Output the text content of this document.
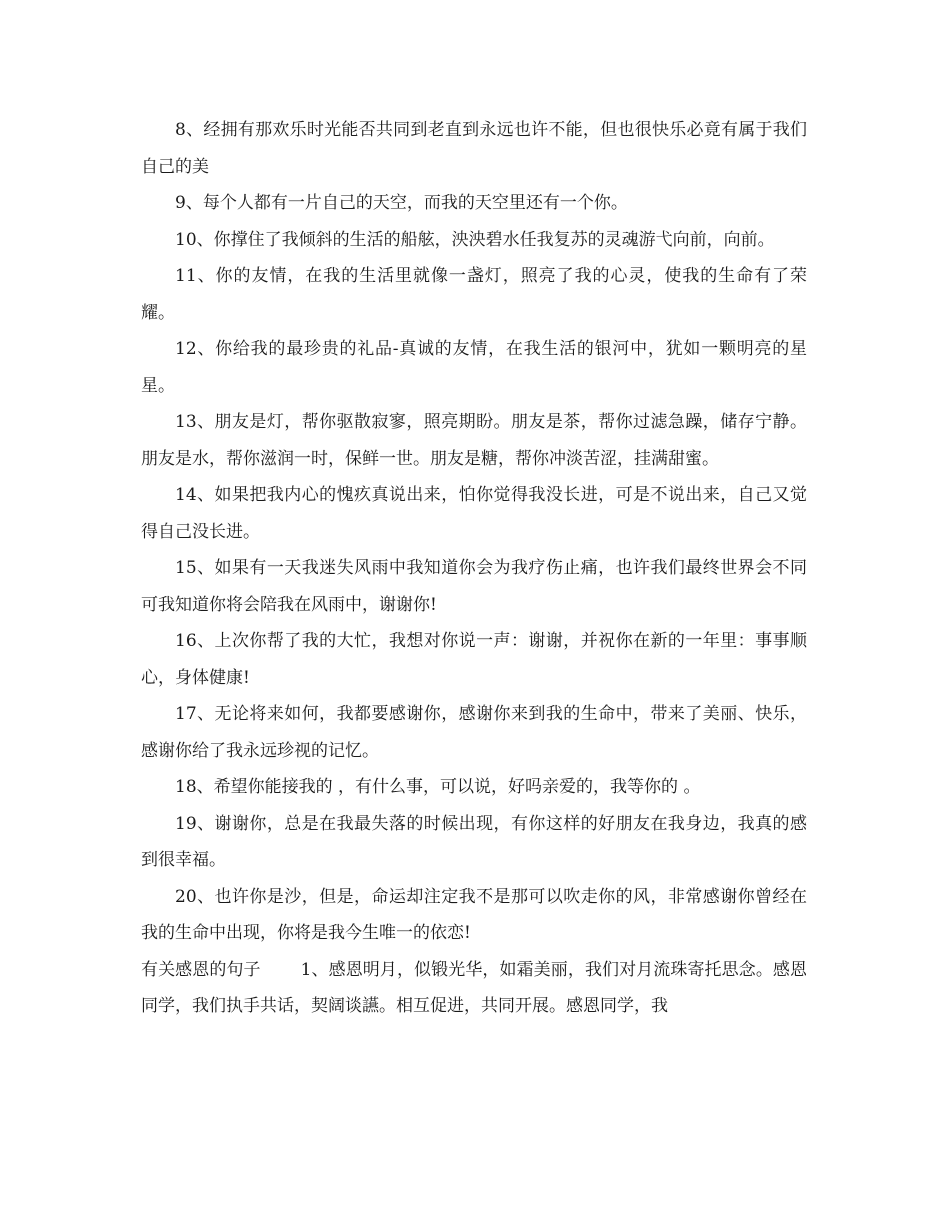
8、经拥有那欢乐时光能否共同到老直到永远也许不能，但也很快乐必竟有属于我们自己的美

9、每个人都有一片自己的天空，而我的天空里还有一个你。

10、你撑住了我倾斜的生活的船舷，泱泱碧水任我复苏的灵魂游弋向前，向前。

11、你的友情，在我的生活里就像一盏灯，照亮了我的心灵，使我的生命有了荣耀。

12、你给我的最珍贵的礼品-真诚的友情，在我生活的银河中，犹如一颗明亮的星星。

13、朋友是灯，帮你驱散寂寥，照亮期盼。朋友是茶，帮你过滤急躁，储存宁静。朋友是水，帮你滋润一时，保鲜一世。朋友是糖，帮你冲淡苦涩，挂满甜蜜。

14、如果把我内心的愧疚真说出来，怕你觉得我没长进，可是不说出来，自己又觉得自己没长进。

15、如果有一天我迷失风雨中我知道你会为我疗伤止痛，也许我们最终世界会不同可我知道你将会陪我在风雨中，谢谢你!

16、上次你帮了我的大忙，我想对你说一声：谢谢，并祝你在新的一年里：事事顺心，身体健康!

17、无论将来如何，我都要感谢你，感谢你来到我的生命中，带来了美丽、快乐，感谢你给了我永远珍视的记忆。

18、希望你能接我的 ，有什么事，可以说，好吗亲爱的，我等你的 。

19、谢谢你，总是在我最失落的时候出现，有你这样的好朋友在我身边，我真的感到很幸福。

20、也许你是沙，但是，命运却注定我不是那可以吹走你的风，非常感谢你曾经在我的生命中出现，你将是我今生唯一的依恋!

有关感恩的句子 1、感恩明月，似锻光华，如霜美丽，我们对月流珠寄托思念。感恩同学，我们执手共话，契阔谈讌。相互促进，共同开展。感恩同学，我
